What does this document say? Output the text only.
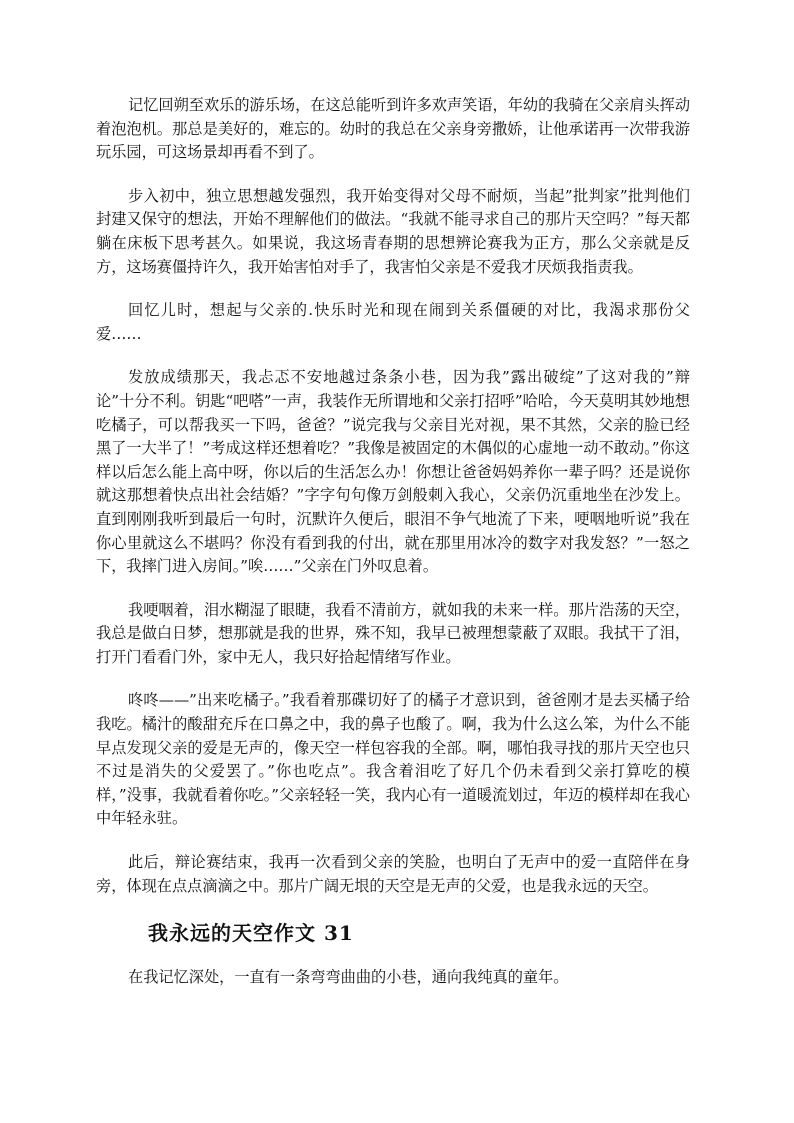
记忆回朔至欢乐的游乐场，在这总能听到许多欢声笑语，年幼的我骑在父亲肩头挥动着泡泡机。那总是美好的，难忘的。幼时的我总在父亲身旁撒娇，让他承诺再一次带我游玩乐园，可这场景却再看不到了。

步入初中，独立思想越发强烈，我开始变得对父母不耐烦，当起”批判家”批判他们封建又保守的想法，开始不理解他们的做法。“我就不能寻求自己的那片天空吗？”每天都躺在床板下思考甚久。如果说，我这场青春期的思想辨论赛我为正方，那么父亲就是反方，这场赛僵持许久，我开始害怕对手了，我害怕父亲是不爱我才厌烦我指责我。

回忆儿时，想起与父亲的.快乐时光和现在闹到关系僵硬的对比，我渴求那份父爱……

发放成绩那天，我忐忑不安地越过条条小巷，因为我”露出破绽”了这对我的”辩论”十分不利。钥匙“吧嗒”一声，我装作无所谓地和父亲打招呼”哈哈，今天莫明其妙地想吃橘子，可以帮我买一下吗，爸爸？”说完我与父亲目光对视，果不其然，父亲的脸已经黑了一大半了！”考成这样还想着吃？”我像是被固定的木偶似的心虚地一动不敢动。”你这样以后怎么能上高中呀，你以后的生活怎么办！你想让爸爸妈妈养你一辈子吗？还是说你就这那想着快点出社会结婚？”字字句句像万剑般刺入我心，父亲仍沉重地坐在沙发上。直到刚刚我听到最后一句时，沉默许久便后，眼泪不争气地流了下来，哽咽地听说”我在你心里就这么不堪吗？你没有看到我的付出，就在那里用冰冷的数字对我发怒？”一怒之下，我摔门进入房间。”唉……”父亲在门外叹息着。

我哽咽着，泪水糊湿了眼睫，我看不清前方，就如我的未来一样。那片浩荡的天空，我总是做白日梦，想那就是我的世界，殊不知，我早已被理想蒙蔽了双眼。我拭干了泪，打开门看看门外，家中无人，我只好拾起情绪写作业。

咚咚——”出来吃橘子。”我看着那碟切好了的橘子才意识到，爸爸刚才是去买橘子给我吃。橘汁的酸甜充斥在口鼻之中，我的鼻子也酸了。啊，我为什么这么笨，为什么不能早点发现父亲的爱是无声的，像天空一样包容我的全部。啊，哪怕我寻找的那片天空也只不过是消失的父爱罢了。”你也吃点”。我含着泪吃了好几个仍未看到父亲打算吃的模样，”没事，我就看着你吃。”父亲轻轻一笑，我内心有一道暖流划过，年迈的模样却在我心中年轻永驻。

此后，辩论赛结束，我再一次看到父亲的笑脸，也明白了无声中的爱一直陪伴在身旁，体现在点点滴滴之中。那片广阔无垠的天空是无声的父爱，也是我永远的天空。

我永远的天空作文 31

在我记忆深处，一直有一条弯弯曲曲的小巷，通向我纯真的童年。
